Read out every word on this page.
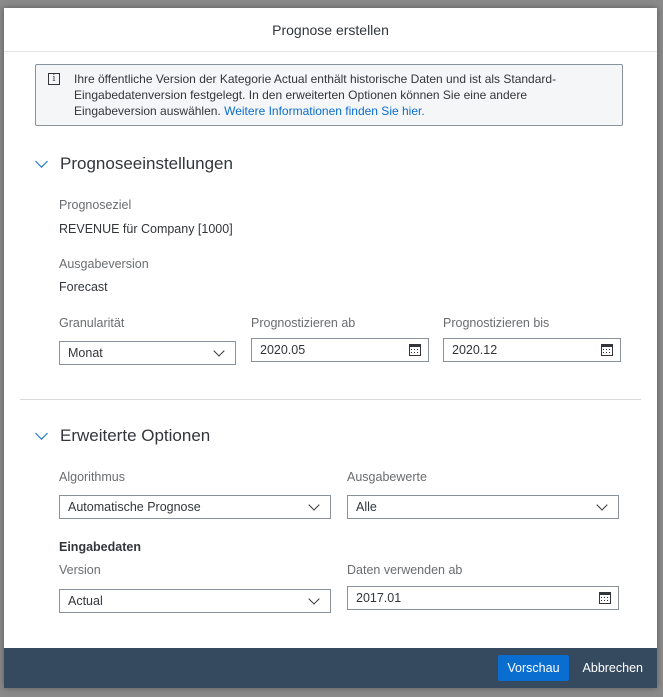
Prognose erstellen
i	Ihre öffentliche Version der Kategorie Actual enthält historische Daten und ist als Standard-Eingabedatenversion festgelegt. In den erweiterten Optionen können Sie eine andere Eingabeversion auswählen. Weitere Informationen finden Sie hier.
Prognoseeinstellungen
Prognoseziel
REVENUE für Company [1000]
Ausgabeversion
Forecast
Granularität
Monat
Prognostizieren ab
2020.05
Prognostizieren bis
2020.12
Erweiterte Optionen
Algorithmus
Automatische Prognose
Ausgabewerte
Alle
Eingabedaten
Version
Actual
Daten verwenden ab
2017.01
Vorschau	Abbrechen
